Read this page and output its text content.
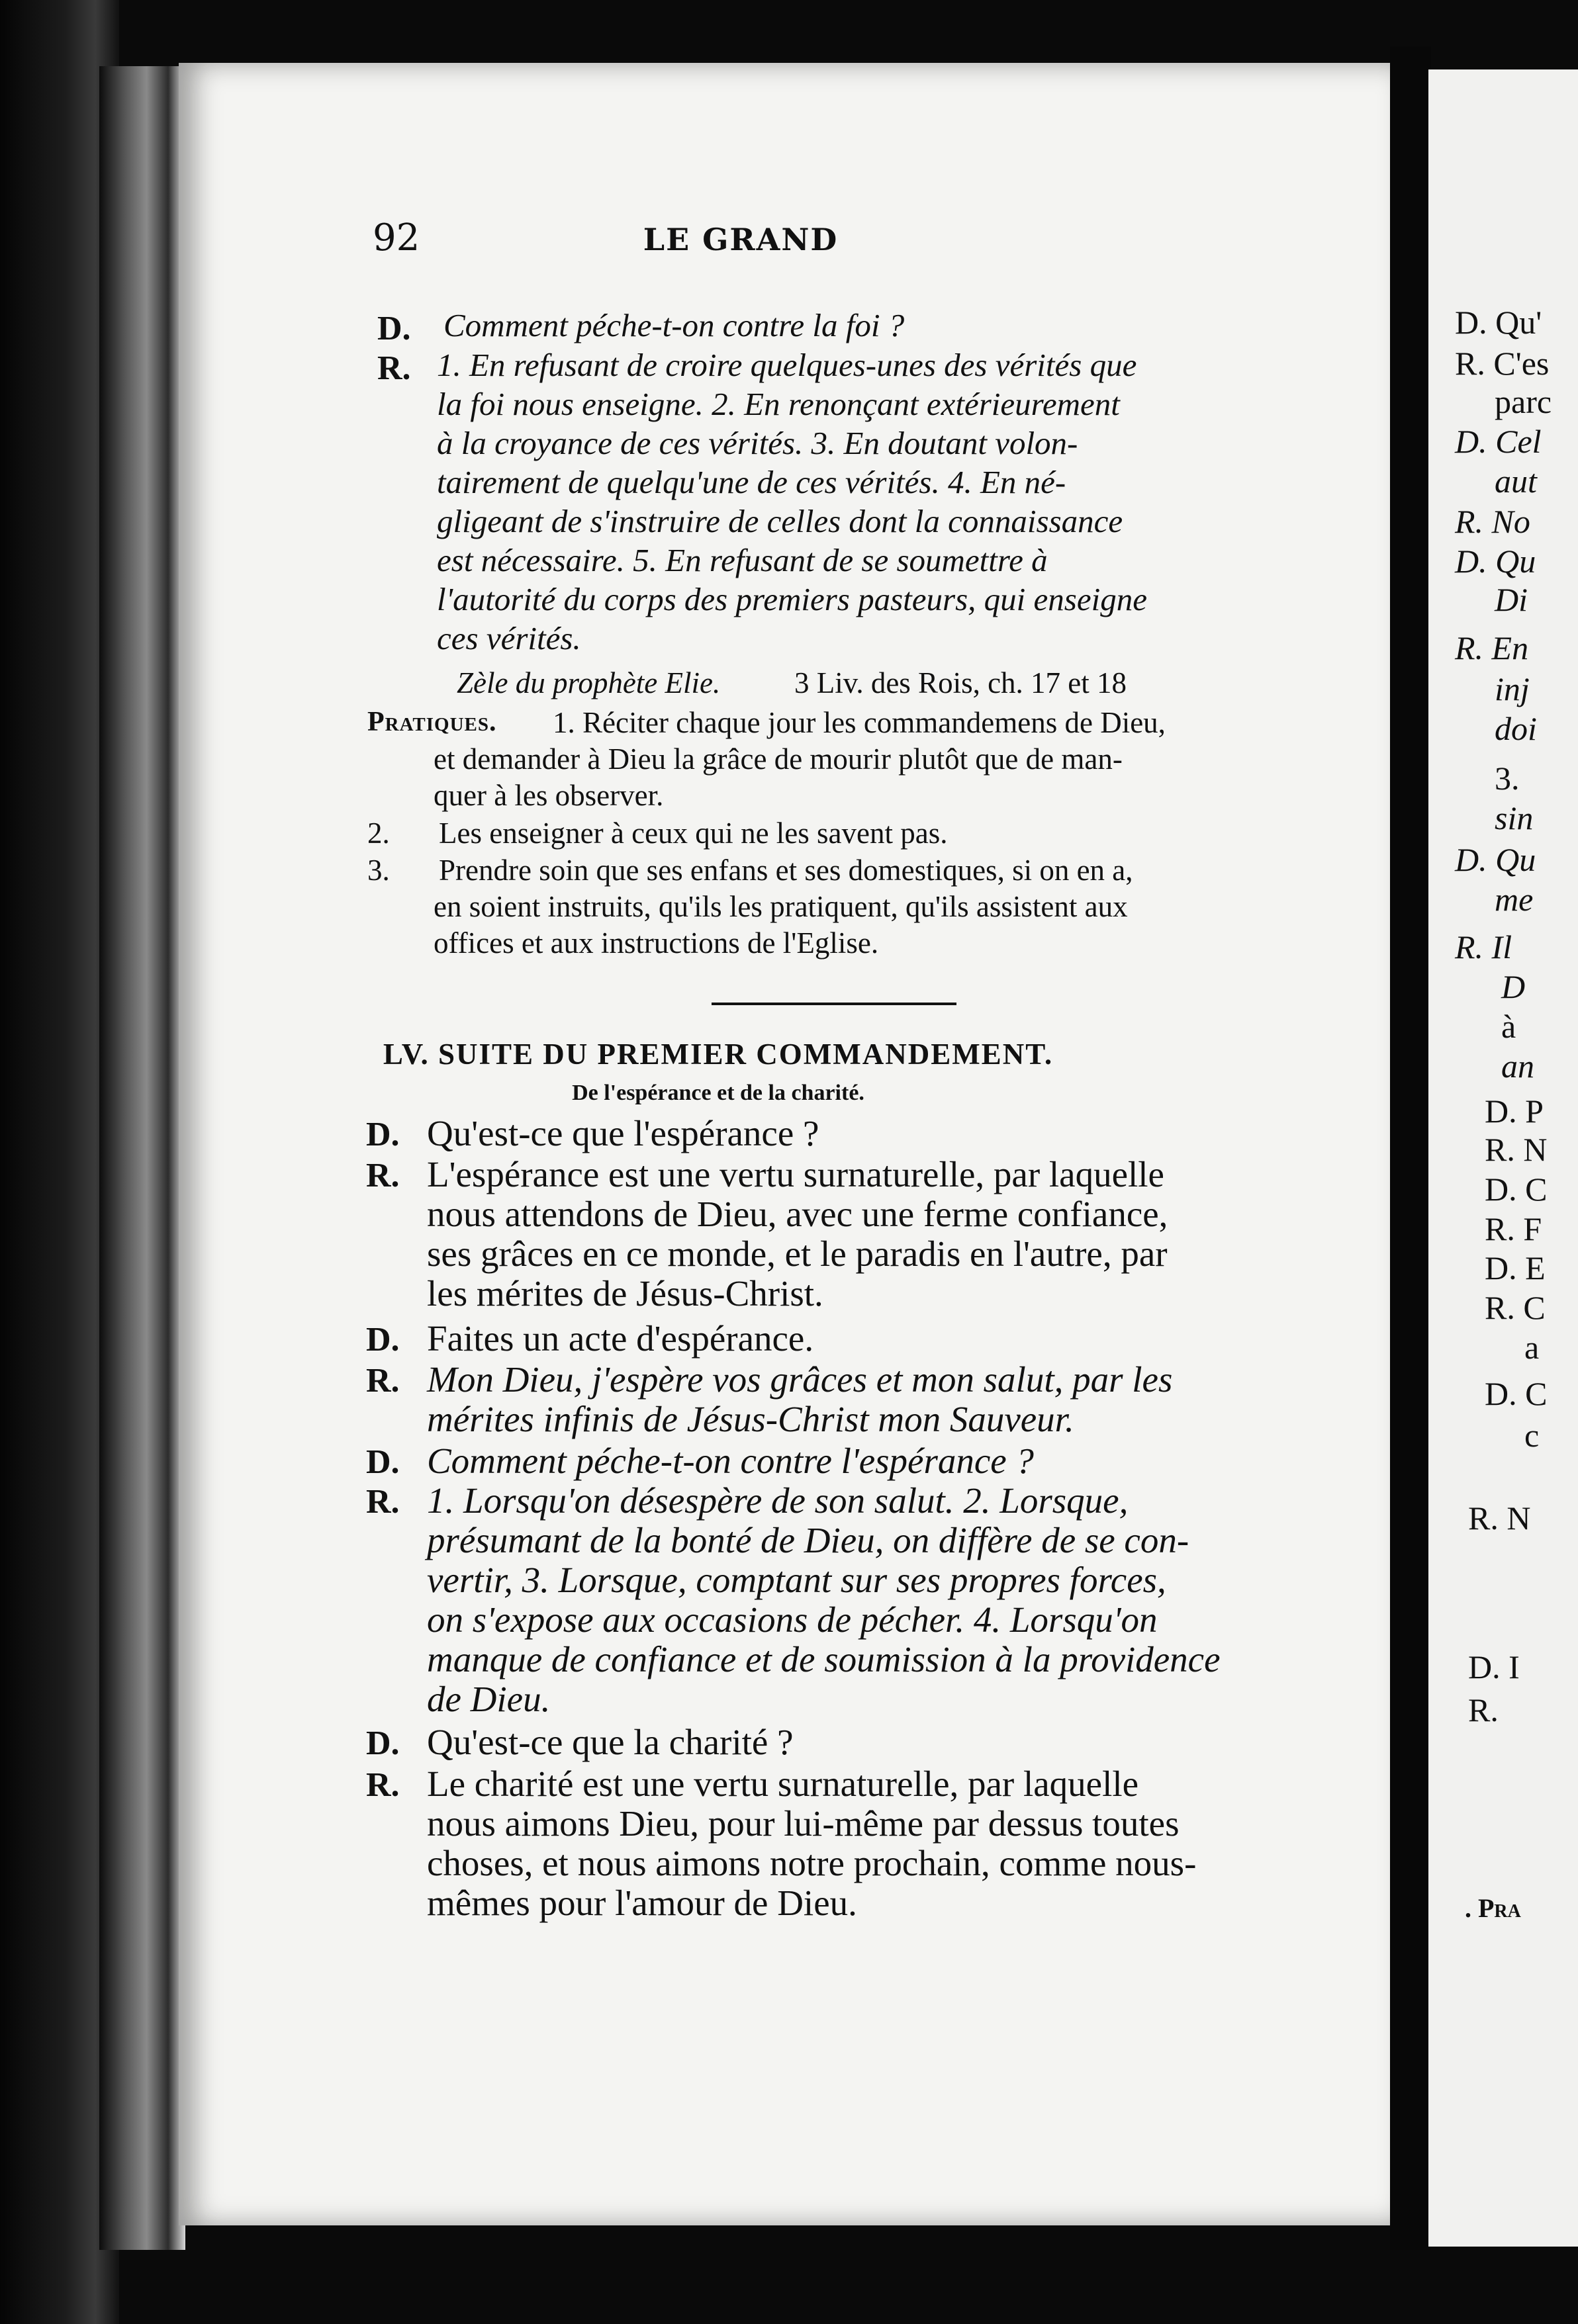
D. Qu'
R. C'es
parc
D. Cel
aut
R. No
D. Qu
Di
R. En
inj
doi
3.
sin
D. Qu
me
R. Il
D
à
an
D. P
R. N
D. C
R. F
D. E
R. C
a
D. C
c
R. N
D. I
R.
. Pra
92	LE GRAND
D. Comment péche-t-on contre la foi ?
R. 1. En refusant de croire quelques-unes des vérités que
la foi nous enseigne. 2. En renonçant extérieurement
à la croyance de ces vérités. 3. En doutant volon-
tairement de quelqu'une de ces vérités. 4. En né-
gligeant de s'instruire de celles dont la connaissance
est nécessaire. 5. En refusant de se soumettre à
l'autorité du corps des premiers pasteurs, qui enseigne
ces vérités.
Zèle du prophète Elie. 3 Liv. des Rois, ch. 17 et 18
Pratiques. 1. Réciter chaque jour les commandemens de Dieu,
et demander à Dieu la grâce de mourir plutôt que de man-
quer à les observer.
2. Les enseigner à ceux qui ne les savent pas.
3. Prendre soin que ses enfans et ses domestiques, si on en a,
en soient instruits, qu'ils les pratiquent, qu'ils assistent aux
offices et aux instructions de l'Eglise.
LV. SUITE DU PREMIER COMMANDEMENT.
De l'espérance et de la charité.
D. Qu'est-ce que l'espérance ?
R. L'espérance est une vertu surnaturelle, par laquelle
nous attendons de Dieu, avec une ferme confiance,
ses grâces en ce monde, et le paradis en l'autre, par
les mérites de Jésus-Christ.
D. Faites un acte d'espérance.
R. Mon Dieu, j'espère vos grâces et mon salut, par les
mérites infinis de Jésus-Christ mon Sauveur.
D. Comment péche-t-on contre l'espérance ?
R. 1. Lorsqu'on désespère de son salut. 2. Lorsque,
présumant de la bonté de Dieu, on diffère de se con-
vertir, 3. Lorsque, comptant sur ses propres forces,
on s'expose aux occasions de pécher. 4. Lorsqu'on
manque de confiance et de soumission à la providence
de Dieu.
D. Qu'est-ce que la charité ?
R. Le charité est une vertu surnaturelle, par laquelle
nous aimons Dieu, pour lui-même par dessus toutes
choses, et nous aimons notre prochain, comme nous-
mêmes pour l'amour de Dieu.
